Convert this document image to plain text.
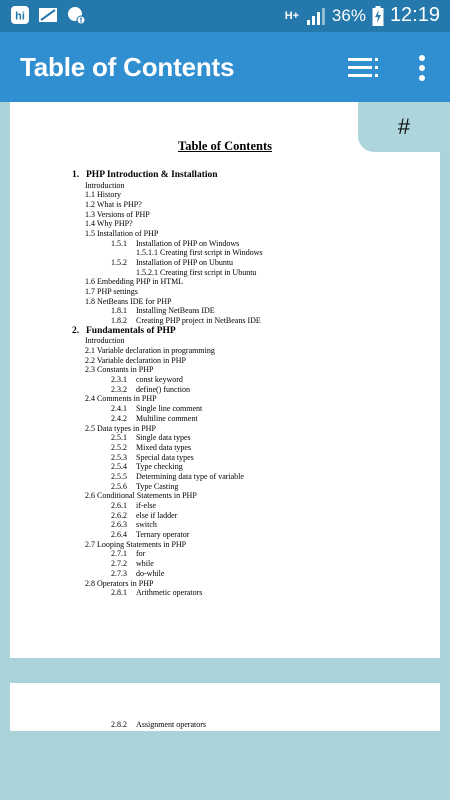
hi	H+ 36% 12:19
Table of Contents
Table of Contents
1. PHP Introduction & Installation
Introduction
1.1 History
1.2 What is PHP?
1.3 Versions of PHP
1.4 Why PHP?
1.5 Installation of PHP
1.5.1 Installation of PHP on Windows
1.5.1.1 Creating first script in Windows
1.5.2 Installation of PHP on Ubuntu
1.5.2.1 Creating first script in Ubuntu
1.6 Embedding PHP in HTML
1.7 PHP settings
1.8 NetBeans IDE for PHP
1.8.1 Installing NetBeans IDE
1.8.2 Creating PHP project in NetBeans IDE
2. Fundamentals of PHP
Introduction
2.1 Variable declaration in programming
2.2 Variable declaration in PHP
2.3 Constants in PHP
2.3.1 const keyword
2.3.2 define() function
2.4 Comments in PHP
2.4.1 Single line comment
2.4.2 Multiline comment
2.5 Data types in PHP
2.5.1 Single data types
2.5.2 Mixed data types
2.5.3 Special data types
2.5.4 Type checking
2.5.5 Determining data type of variable
2.5.6 Type Casting
2.6 Conditional Statements in PHP
2.6.1 if-else
2.6.2 else if ladder
2.6.3 switch
2.6.4 Ternary operator
2.7 Looping Statements in PHP
2.7.1 for
2.7.2 while
2.7.3 do-while
2.8 Operators in PHP
2.8.1 Arithmetic operators
#
2.8.2 Assignment operators
